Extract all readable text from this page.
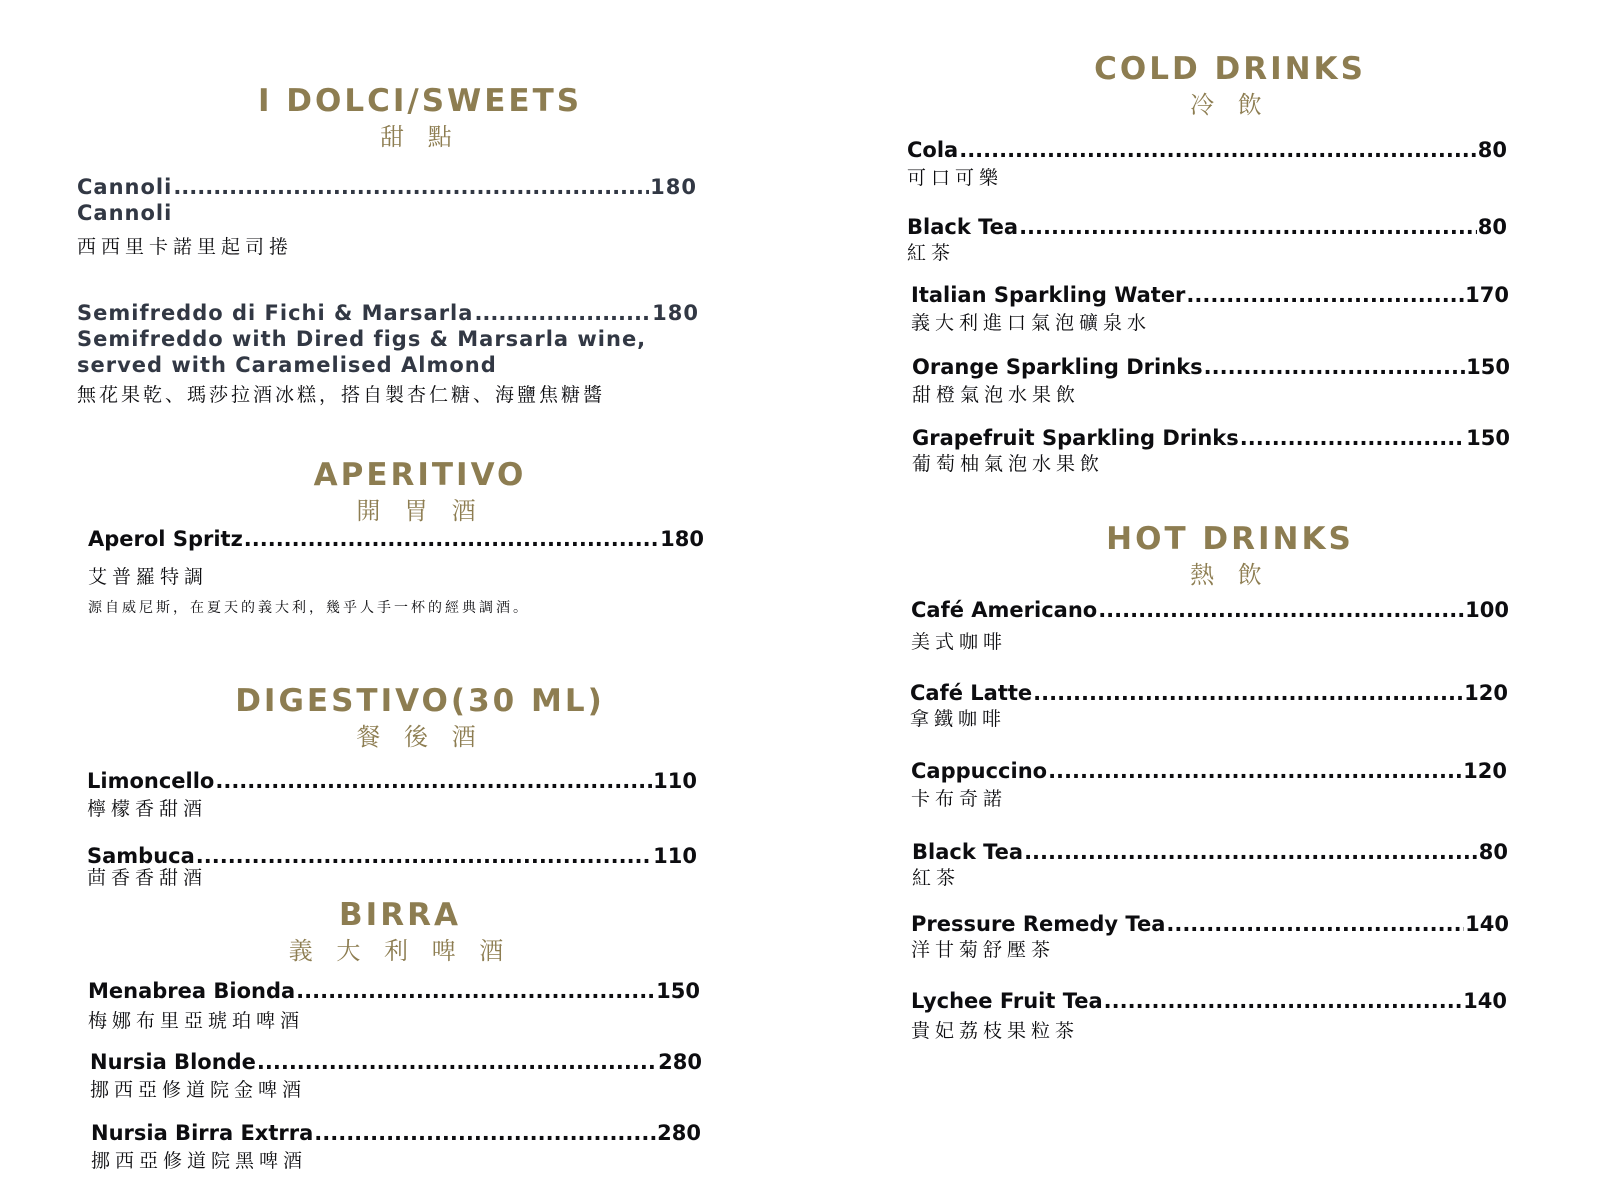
I DOLCI/SWEETS
甜 點
Cannoli .....	180
Cannoli
西西里卡諾里起司捲
Semifreddo di Fichi & Marsarla .....	180
Semifreddo with Dired figs & Marsarla wine, served with Caramelised Almond
無花果乾、瑪莎拉酒冰糕，搭自製杏仁糖、海鹽焦糖醬
APERITIVO
開 胃 酒
Aperol Spritz .....	180
艾普羅特調
源自威尼斯，在夏天的義大利，幾乎人手一杯的經典調酒。
DIGESTIVO(30 ML)
餐 後 酒
Limoncello .....	110
檸檬香甜酒
Sambuca .....	110
茴香香甜酒
BIRRA
義 大 利 啤 酒
Menabrea Bionda .....	150
梅娜布里亞琥珀啤酒
Nursia Blonde .....	280
挪西亞修道院金啤酒
Nursia Birra Extrra .....	280
挪西亞修道院黑啤酒
COLD DRINKS
冷 飲
Cola .....	80
可口可樂
Black Tea .....	80
紅茶
Italian Sparkling Water .....	170
義大利進口氣泡礦泉水
Orange Sparkling Drinks .....	150
甜橙氣泡水果飲
Grapefruit Sparkling Drinks .....	150
葡萄柚氣泡水果飲
HOT DRINKS
熱 飲
Café Americano .....	100
美式咖啡
Café Latte .....	120
拿鐵咖啡
Cappuccino .....	120
卡布奇諾
Black Tea .....	80
紅茶
Pressure Remedy Tea .....	140
洋甘菊舒壓茶
Lychee Fruit Tea .....	140
貴妃荔枝果粒茶
